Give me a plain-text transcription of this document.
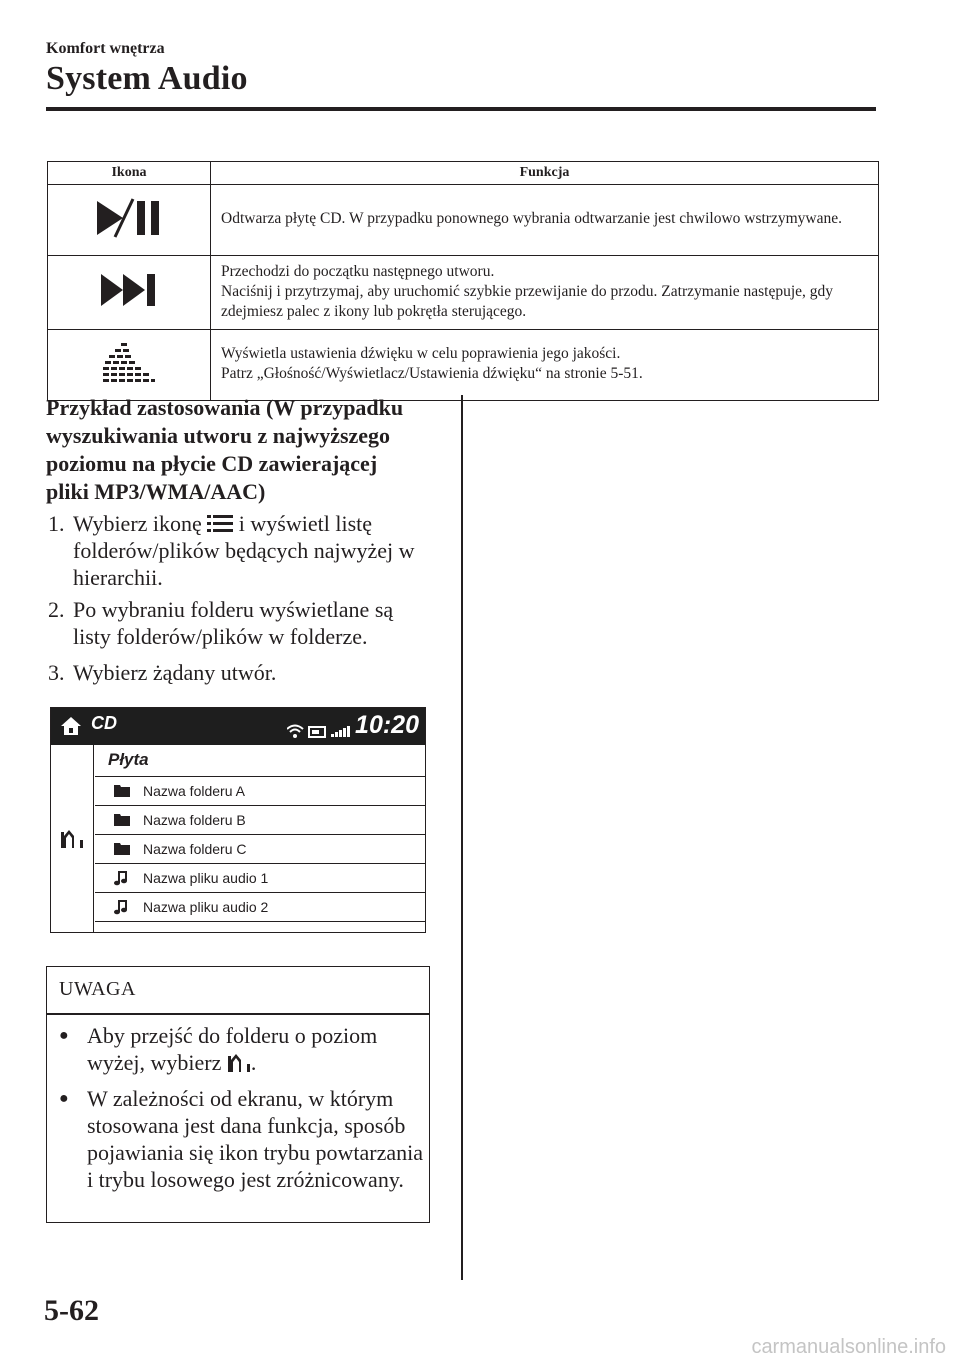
Komfort wnętrza
System Audio
Ikona	Funkcja

Odtwarza płytę CD. W przypadku ponownego wybrania odtwarzanie jest chwilowo wstrzymywane.

Przechodzi do początku następnego utworu.
Naciśnij i przytrzymaj, aby uruchomić szybkie przewijanie do przodu. Zatrzymanie następuje, gdy zdejmiesz palec z ikony lub pokrętła sterującego.

Wyświetla ustawienia dźwięku w celu poprawienia jego jakości.
Patrz „Głośność/Wyświetlacz/Ustawienia dźwięku“ na stronie 5-51.
Przykład zastosowania (W przypadku
wyszukiwania utworu z najwyższego
poziomu na płycie CD zawierającej
pliki MP3/WMA/AAC)
1. Wybierz ikonę i wyświetl listę folderów/plików będących najwyżej w hierarchii.
2. Po wybraniu folderu wyświetlane są listy folderów/plików w folderze.
3. Wybierz żądany utwór.
CD	10:20
Płyta
Nazwa folderu A
Nazwa folderu B
Nazwa folderu C
Nazwa pliku audio 1
Nazwa pliku audio 2
UWAGA
● Aby przejść do folderu o poziom wyżej, wybierz .
● W zależności od ekranu, w którym stosowana jest dana funkcja, sposób pojawiania się ikon trybu powtarzania i trybu losowego jest zróżnicowany.
5-62
carmanualsonline.info
